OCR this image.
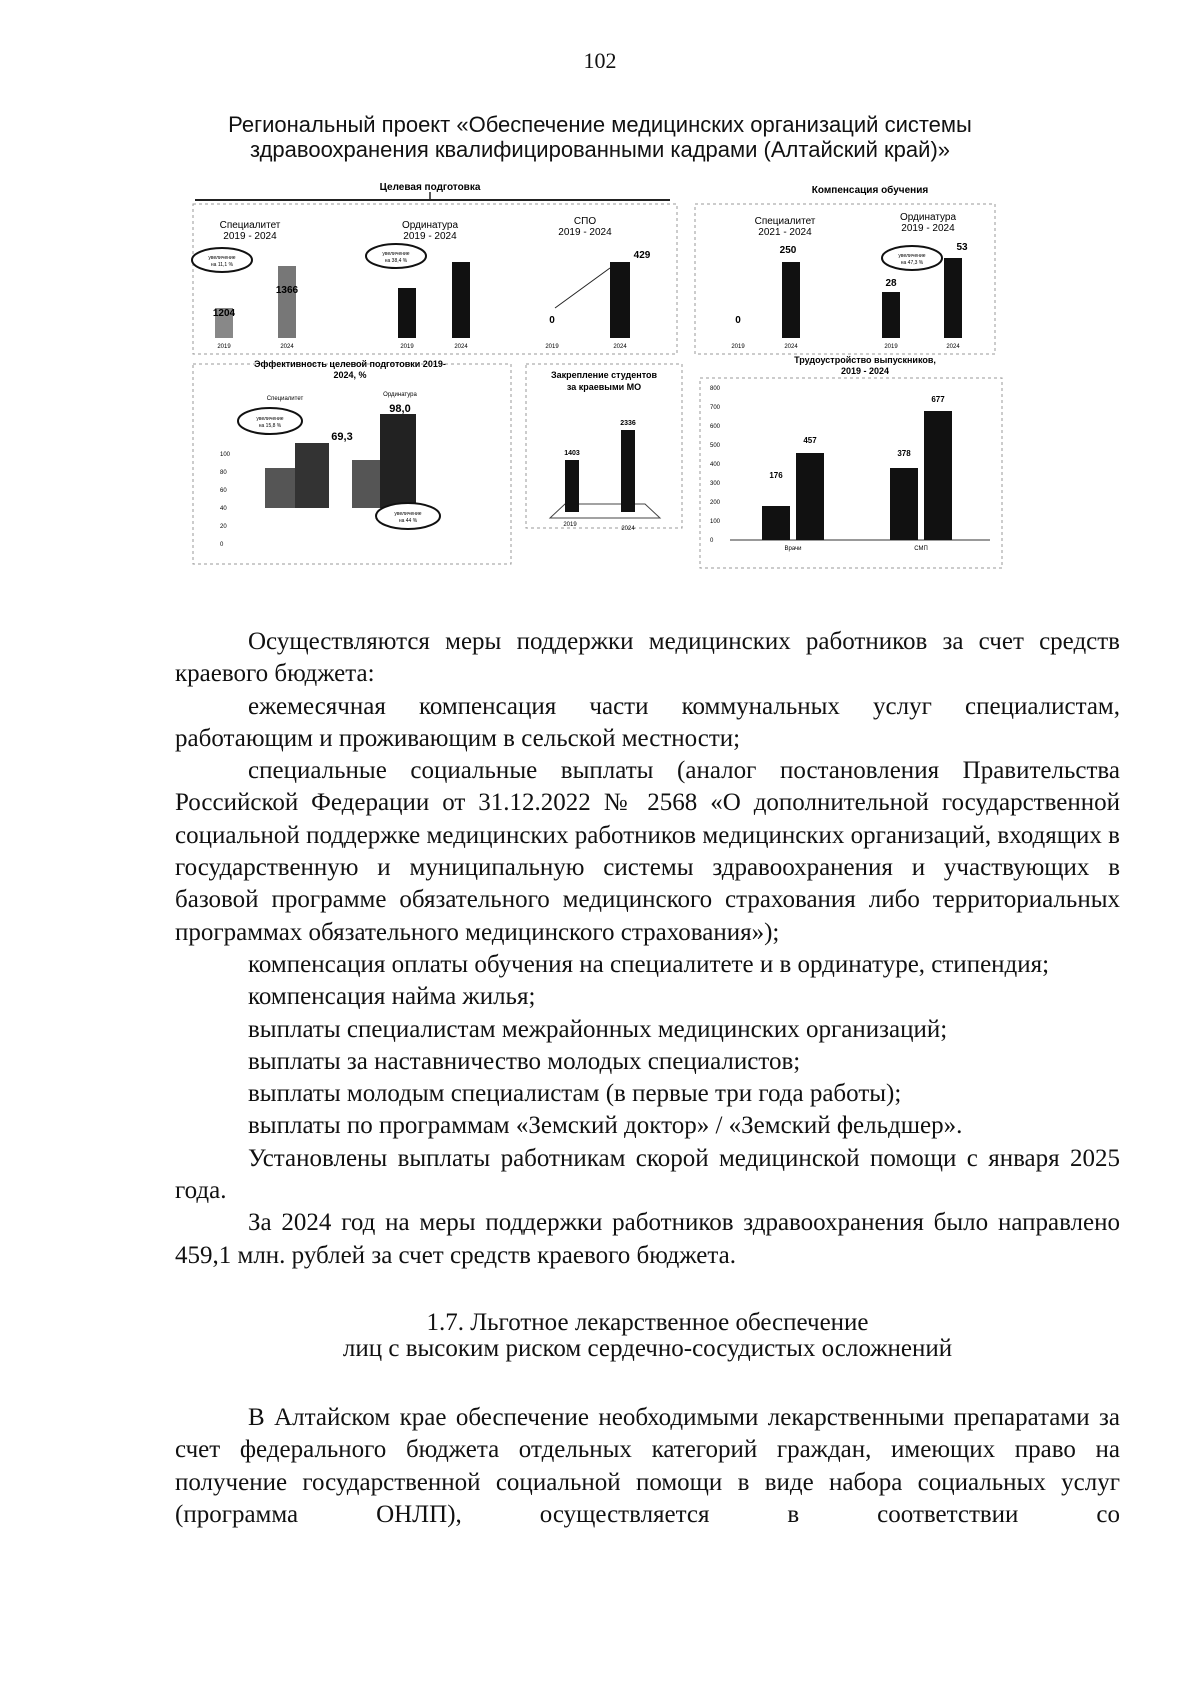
102
Региональный проект «Обеспечение медицинских организаций системы
здравоохранения квалифицированными кадрами (Алтайский край)»
Целевая подготовка	Компенсация обучения
Специалитет
2019 - 2024
увеличение
на 11,1 %
1204
1366
2019	2024
Ординатура
2019 - 2024
увеличение
на 38,4 %
2019	2024
СПО
2019 - 2024
0
429
2019	2024
Специалитет
2021 - 2024
0
250
2019	2024
Ординатура
2019 - 2024
увеличение
на 47,3 %
28
53
2019	2024
Эффективность целевой подготовки 2019-
2024, %
Специалитет
Ординатура
увеличение
на 15,8 %
100
80
60
40
20
0
69,3
98,0
увеличение
на 44 %
Закрепление студентов
за краевыми МО
1403
2336
2019
2024
Трудоустройство выпускников,
2019 - 2024
800
700
600
500
400
300
200
100
0
176
457
378
677
Врачи	СМП

Осуществляются меры поддержки медицинских работников за счет средств краевого бюджета:

ежемесячная компенсация части коммунальных услуг специалистам, работающим и проживающим в сельской местности;

специальные социальные выплаты (аналог постановления Правительства Российской Федерации от 31.12.2022 № 2568 «О дополнительной государственной социальной поддержке медицинских работников медицинских организаций, входящих в государственную и муниципальную системы здравоохранения и участвующих в базовой программе обязательного медицинского страхования либо территориальных программах обязательного медицинского страхования»);

компенсация оплаты обучения на специалитете и в ординатуре, стипендия;

компенсация найма жилья;

выплаты специалистам межрайонных медицинских организаций;

выплаты за наставничество молодых специалистов;

выплаты молодым специалистам (в первые три года работы);

выплаты по программам «Земский доктор» / «Земский фельдшер».

Установлены выплаты работникам скорой медицинской помощи с января 2025 года.

За 2024 год на меры поддержки работников здравоохранения было направлено 459,1 млн. рублей за счет средств краевого бюджета.

1.7. Льготное лекарственное обеспечение
лиц с высоким риском сердечно-сосудистых осложнений

В Алтайском крае обеспечение необходимыми лекарственными препаратами за счет федерального бюджета отдельных категорий граждан, имеющих право на получение государственной социальной помощи в виде набора социальных услуг (программа ОНЛП), осуществляется в соответствии со
